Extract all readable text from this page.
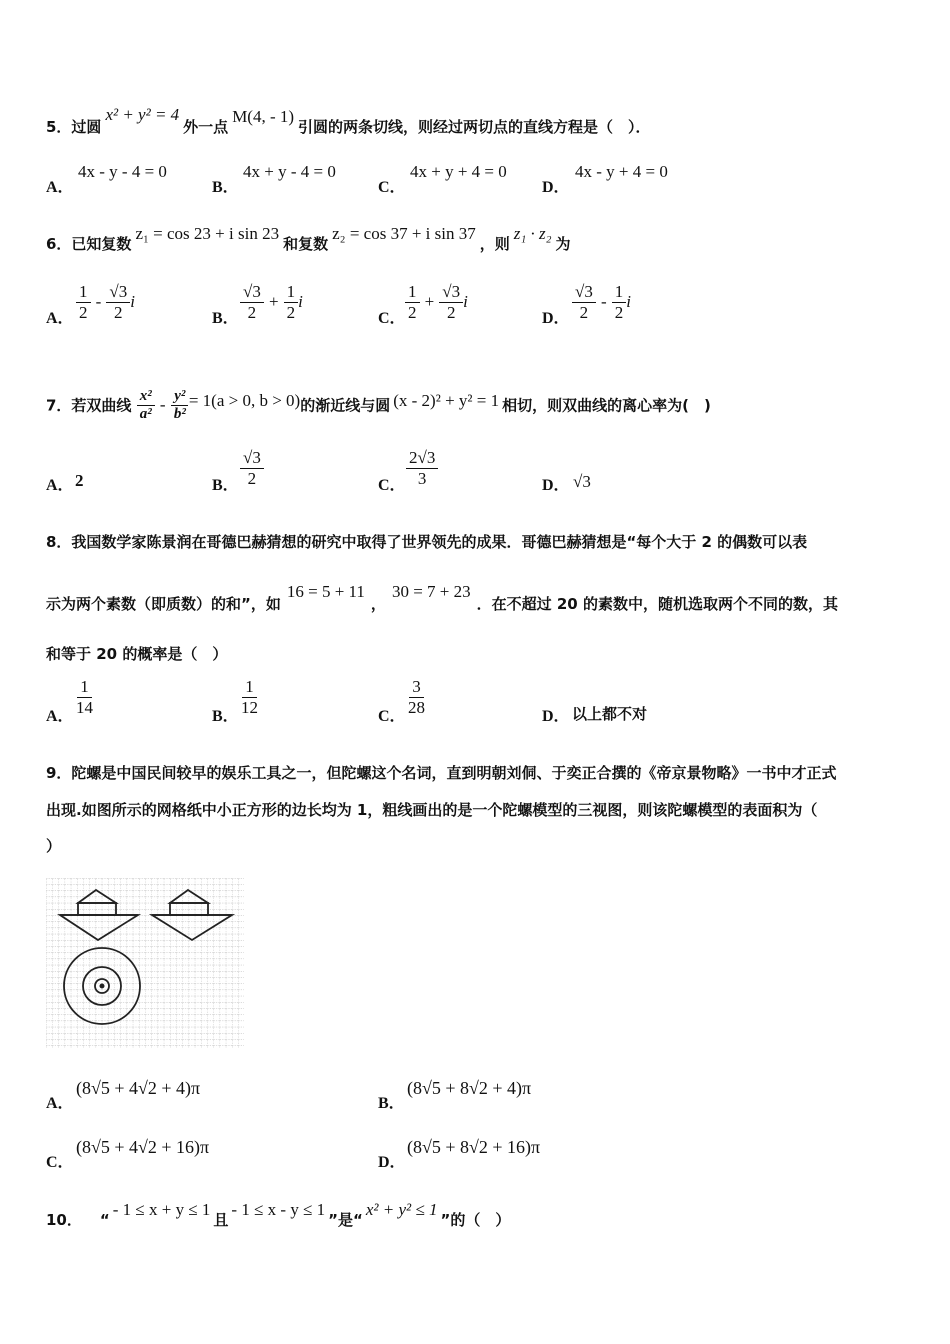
5．过圆x² + y² = 4外一点M(4, - 1)引圆的两条切线，则经过两切点的直线方程是（　）．
A．
4x - y - 4 = 0
B．
4x + y - 4 = 0
C．
4x + y + 4 = 0
D．
4x - y + 4 = 0
6．已知复数z₁ = cos 23 + i sin 23和复数z₂ = cos 37 + i sin 37，则z₁ · z₂为
A． $\frac{1}{2} - \frac{√3}{2}$ i
B． $\frac{√3}{2} + \frac{1}{2}$ i
C． $\frac{1}{2} + \frac{√3}{2}$ i
D． $\frac{√3}{2} - \frac{1}{2}$ i
7．若双曲线 $\frac{\text{x²}}{\text{a²}} - \frac{\text{y²}}{\text{b²}} = 1(a > 0$, b > 0)的渐近线与圆 (x - 2)² + y² = 1 相切，则双曲线的离心率为(　)
A． 2	B． $\frac{√3}{2}$	C． $\frac{2√3}{3}$	D． √3
8．我国数学家陈景润在哥德巴赫猜想的研究中取得了世界领先的成果．哥德巴赫猜想是“每个大于 2 的偶数可以表
示为两个素数（即质数）的和”，如16 = 5 + 11，30 = 7 + 23．在不超过 20 的素数中，随机选取两个不同的数，其
和等于 20 的概率是（　）
A． $\frac{1}{14}$	B． $\frac{1}{12}$	C． $\frac{3}{28}$	D． 以上都不对
9．陀螺是中国民间较早的娱乐工具之一，但陀螺这个名词，直到明朝刘侗、于奕正合撰的《帝京景物略》一书中才正式
出现.如图所示的网格纸中小正方形的边长均为 1，粗线画出的是一个陀螺模型的三视图，则该陀螺模型的表面积为（
）
A．
(8√5 + 4√2 + 4)π
B．
(8√5 + 8√2 + 4)π
C．
(8√5 + 4√2 + 16)π
D．
(8√5 + 8√2 + 16)π
10． “- 1 ≤ x + y ≤ 1且- 1 ≤ x - y ≤ 1”是“x² + y² ≤ 1”的（　）
